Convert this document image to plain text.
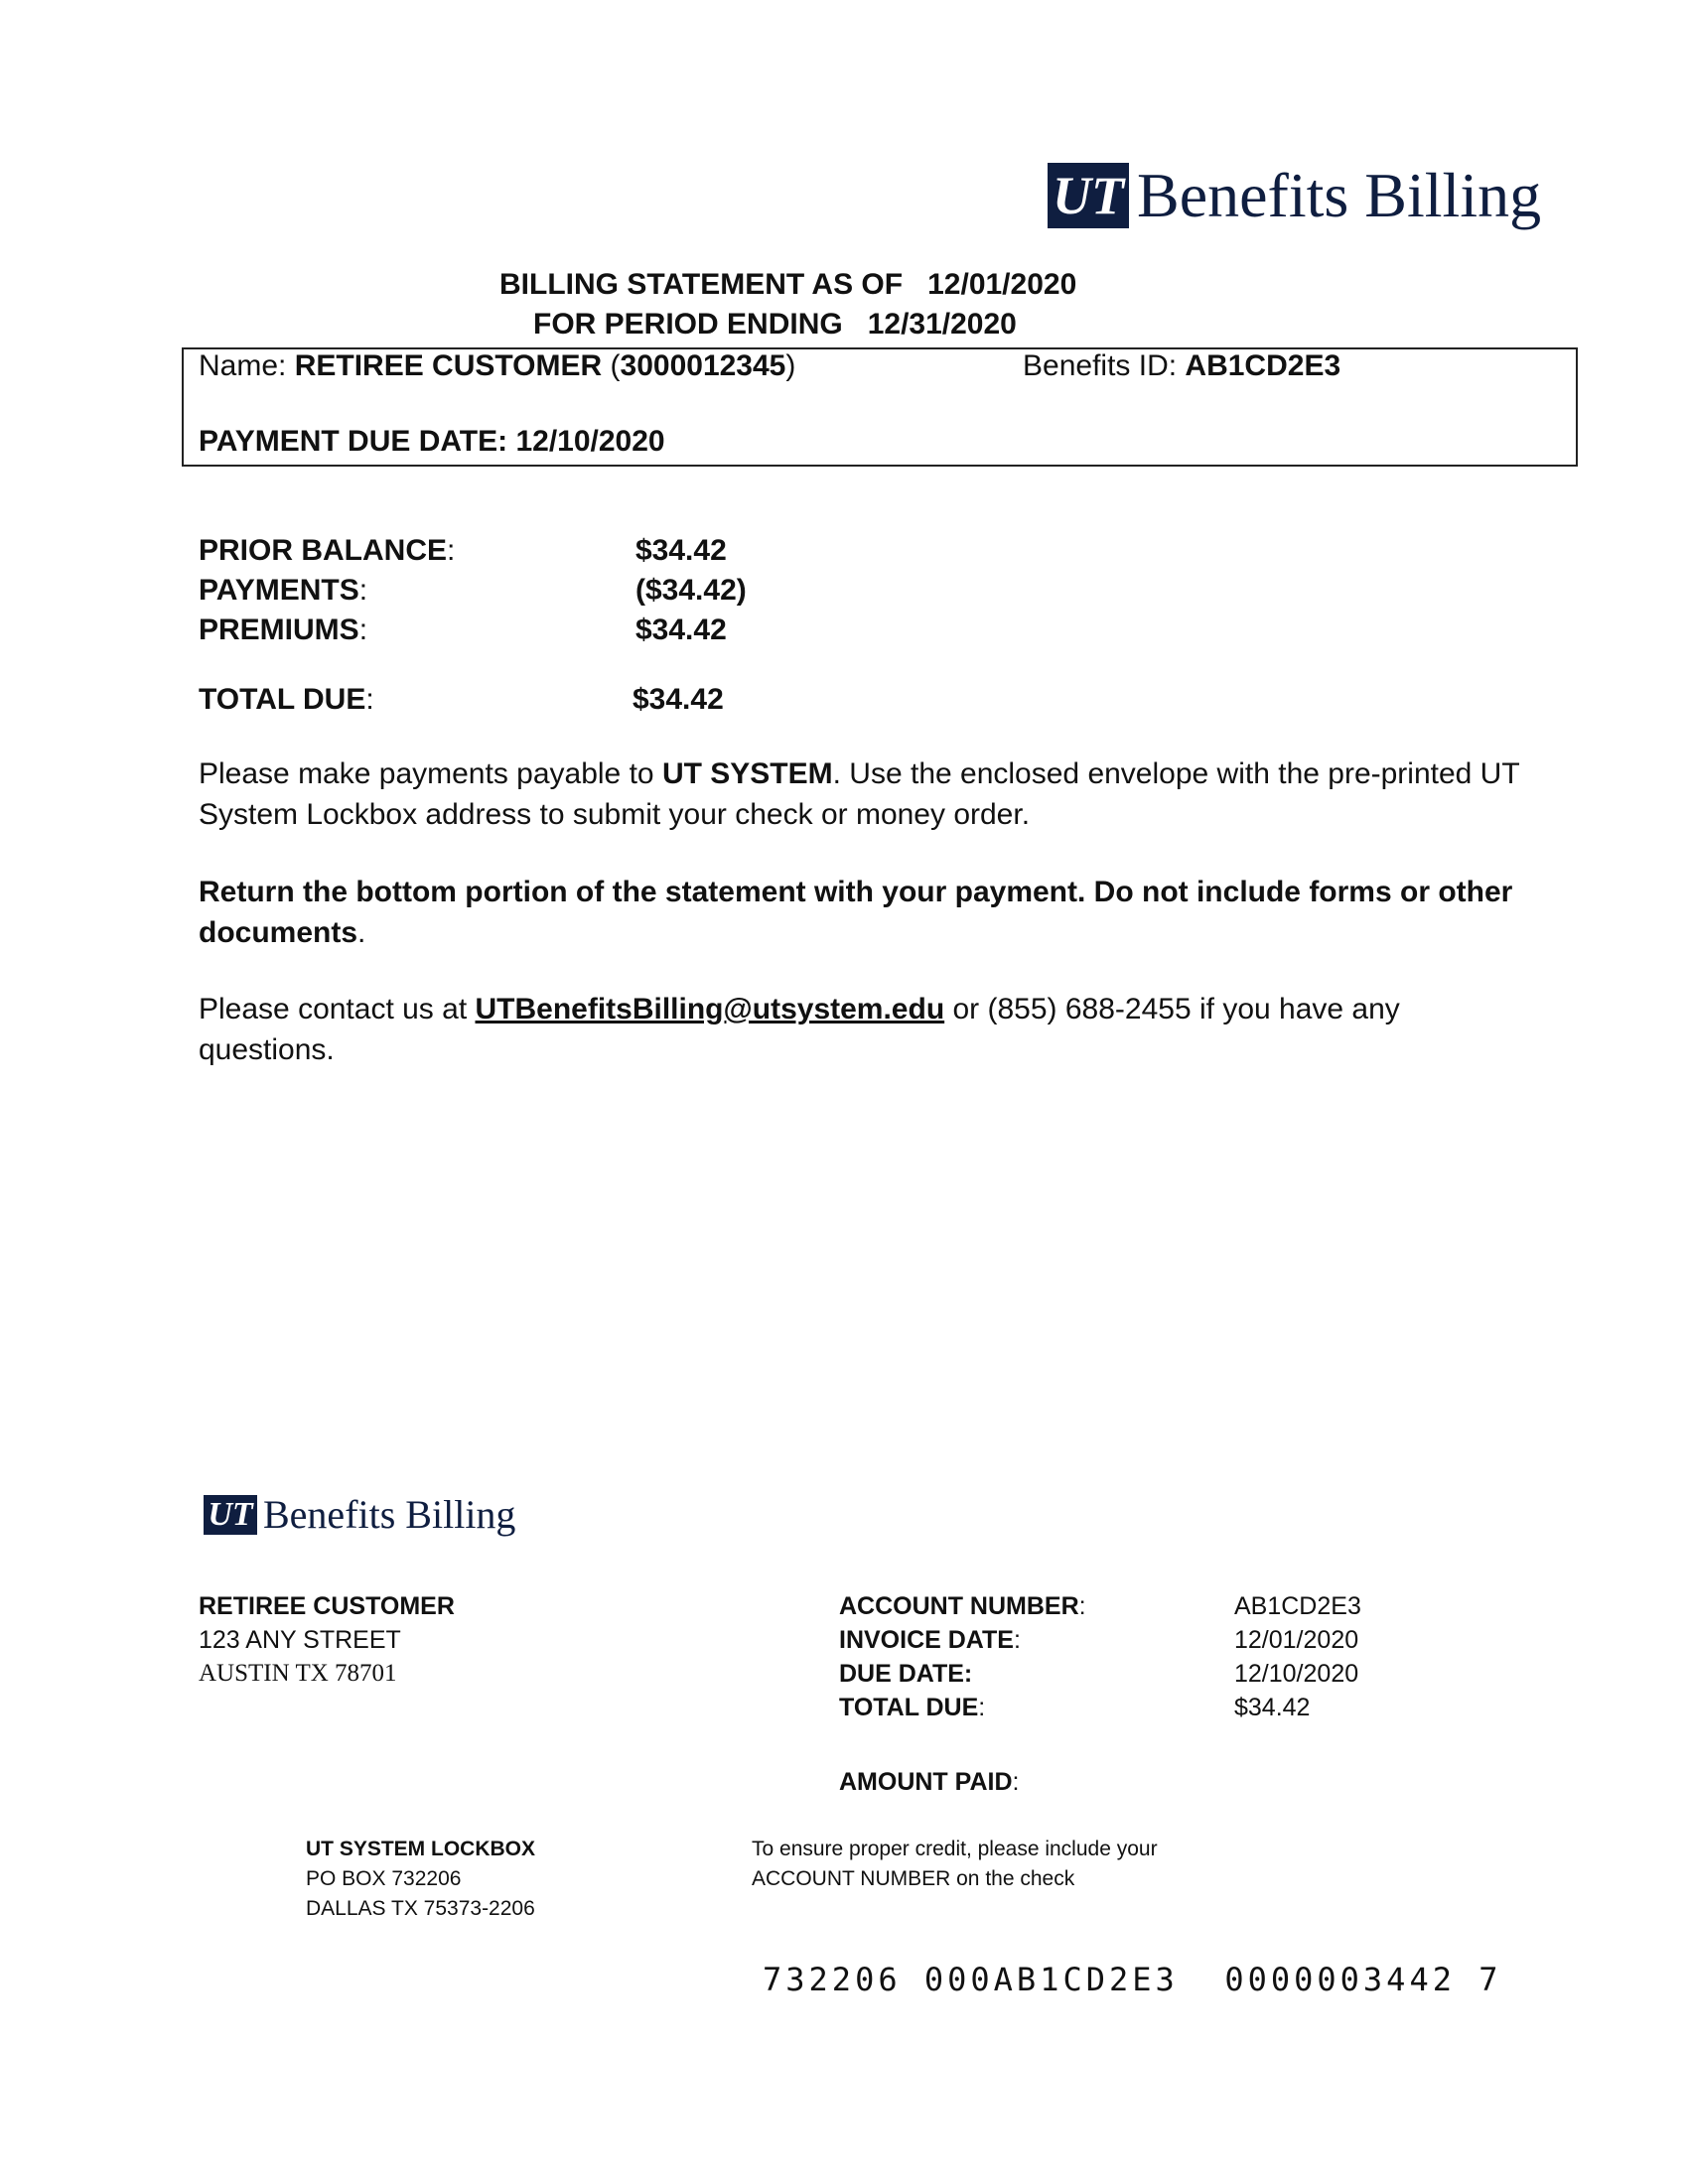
UT Benefits Billing
BILLING STATEMENT AS OF 12/01/2020
FOR PERIOD ENDING 12/31/2020
Name: RETIREE CUSTOMER (3000012345)	Benefits ID: AB1CD2E3
PAYMENT DUE DATE: 12/10/2020
PRIOR BALANCE:	$34.42
PAYMENTS:	($34.42)
PREMIUMS:	$34.42
TOTAL DUE:	$34.42
Please make payments payable to UT SYSTEM. Use the enclosed envelope with the pre-printed UT System Lockbox address to submit your check or money order.
Return the bottom portion of the statement with your payment. Do not include forms or other documents.
Please contact us at UTBenefitsBilling@utsystem.edu or (855) 688-2455 if you have any questions.
UT Benefits Billing
RETIREE CUSTOMER
123 ANY STREET
AUSTIN TX 78701
ACCOUNT NUMBER:	AB1CD2E3
INVOICE DATE:	12/01/2020
DUE DATE:	12/10/2020
TOTAL DUE:	$34.42
AMOUNT PAID:
UT SYSTEM LOCKBOX
PO BOX 732206
DALLAS TX 75373-2206
To ensure proper credit, please include your
ACCOUNT NUMBER on the check
732206 000AB1CD2E3  0000003442 7
